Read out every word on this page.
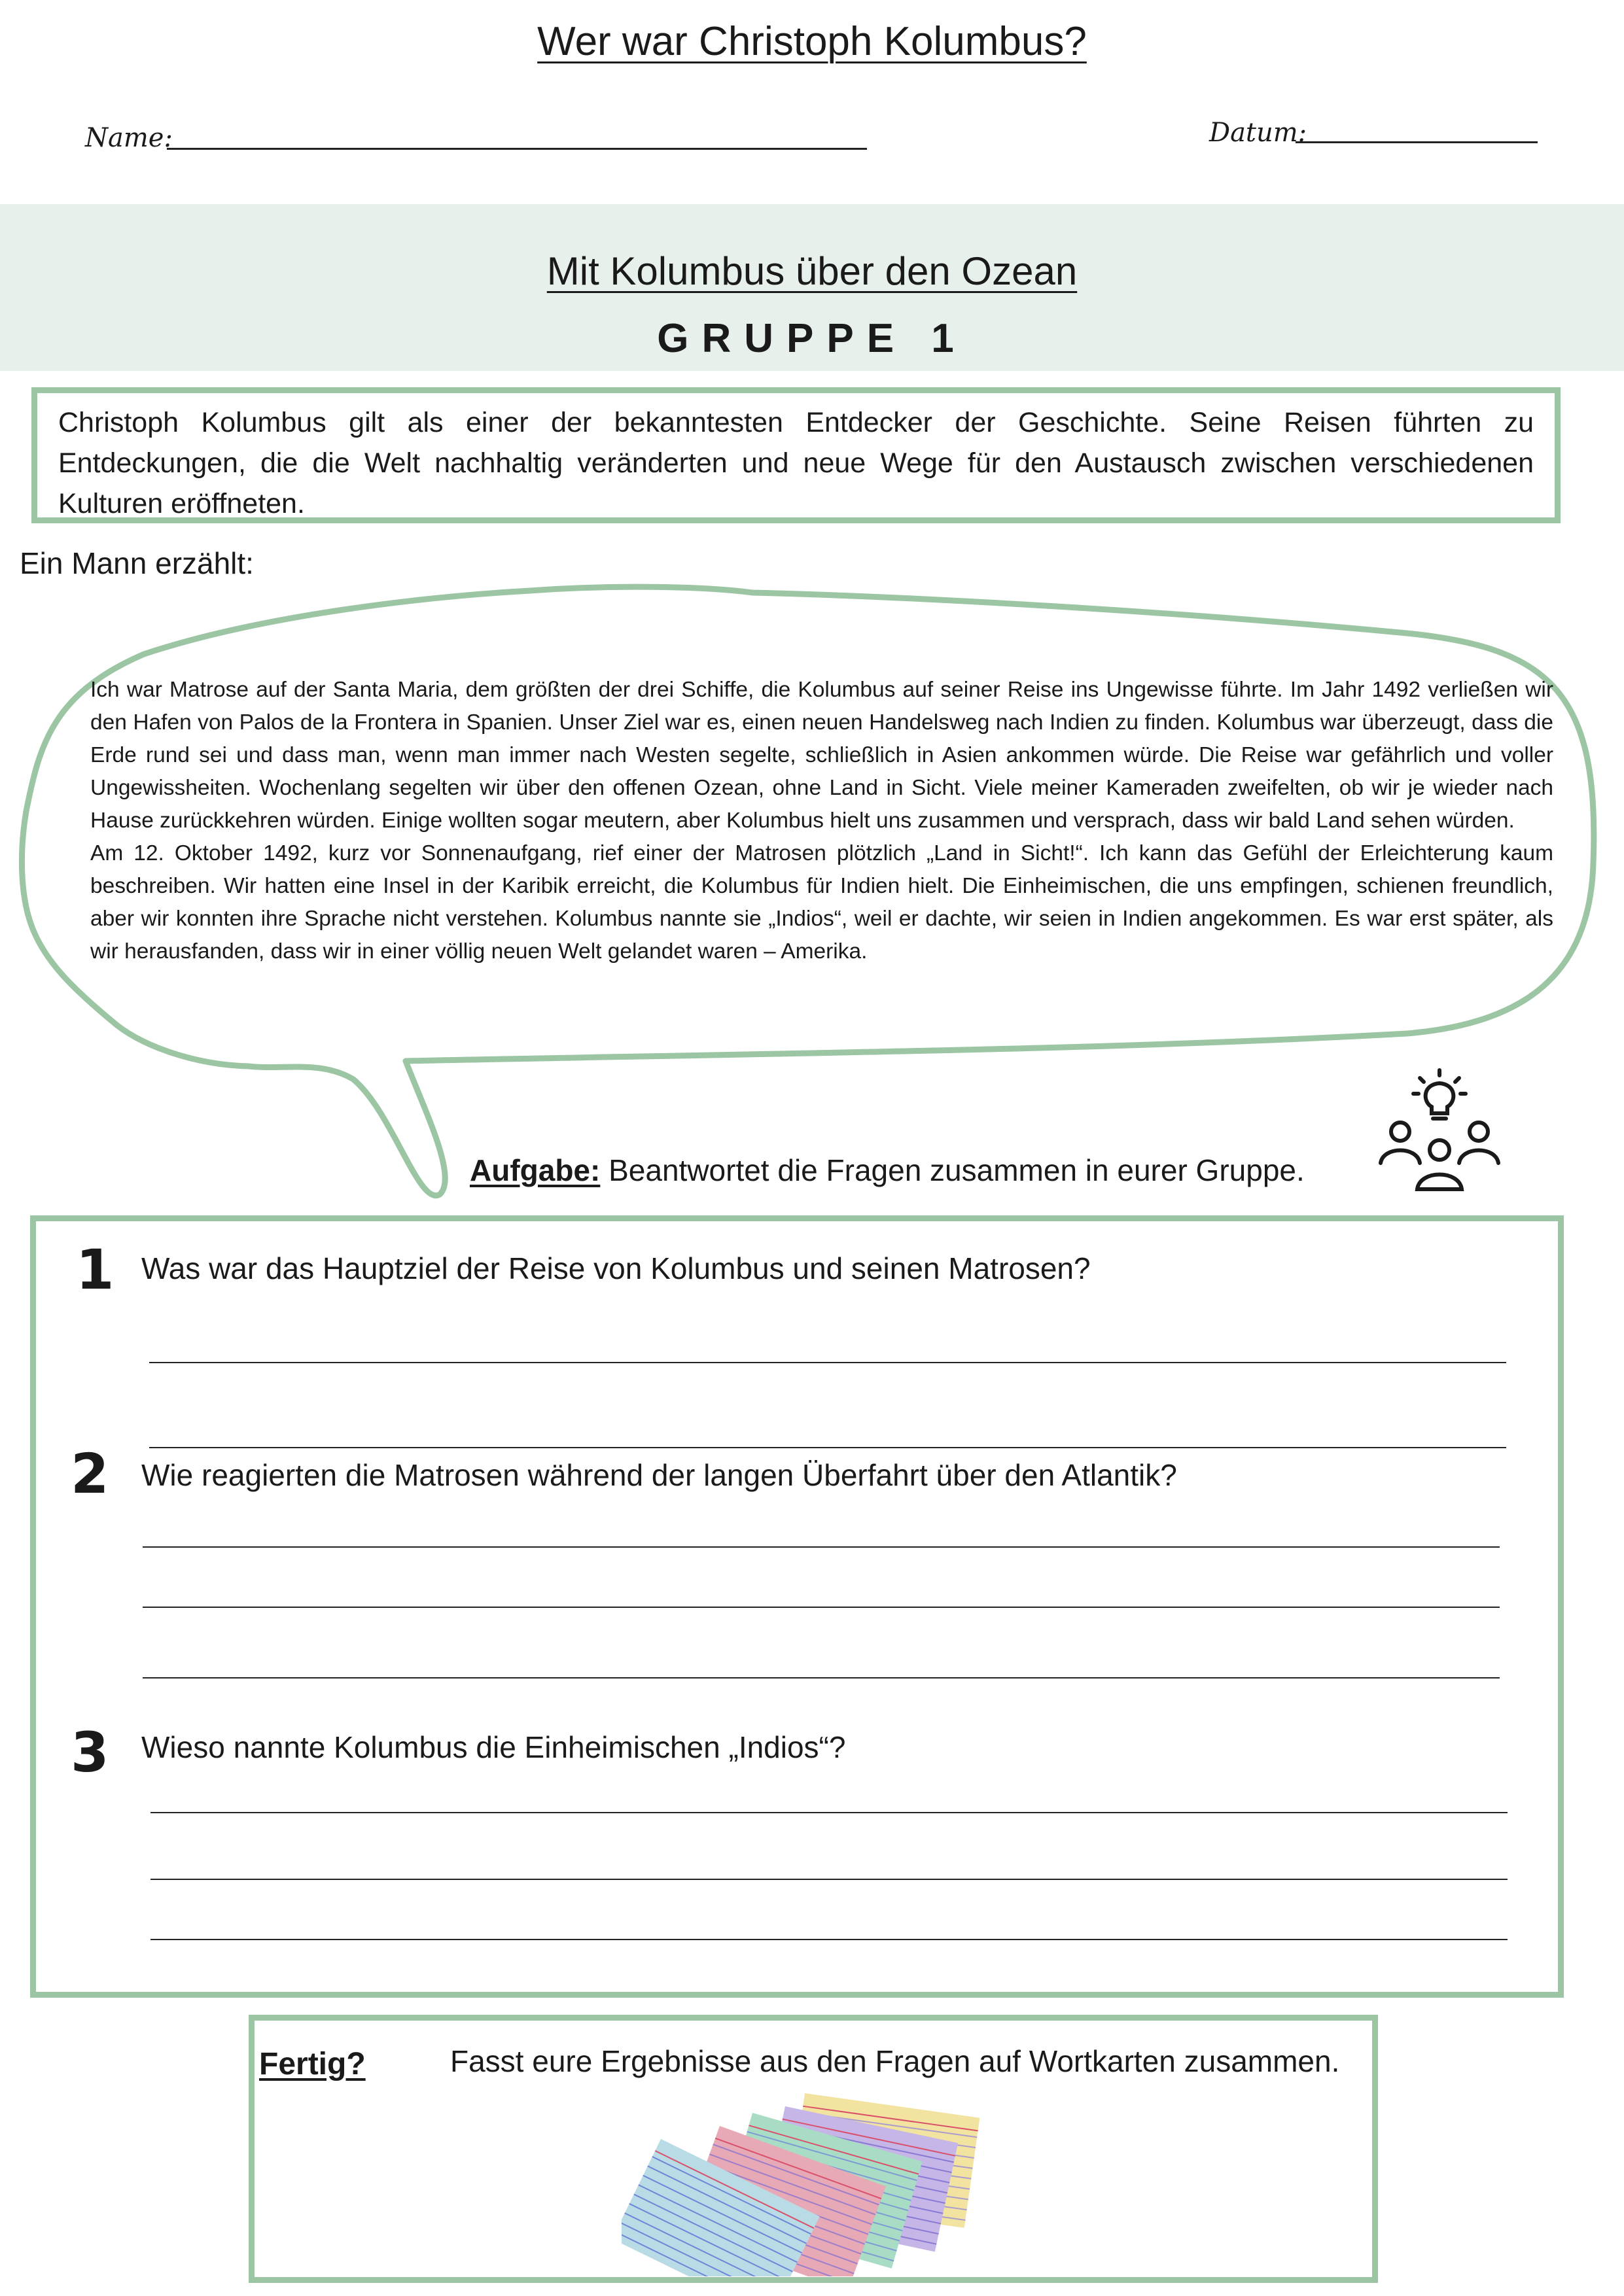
Wer war Christoph Kolumbus?
Name:	Datum:
Mit Kolumbus über den Ozean
GRUPPE 1

Christoph Kolumbus gilt als einer der bekanntesten Entdecker der Geschichte. Seine Reisen führten zu Entdeckungen, die die Welt nachhaltig veränderten und neue Wege für den Austausch zwischen verschiedenen Kulturen eröffneten.

Ein Mann erzählt:

Ich war Matrose auf der Santa Maria, dem größten der drei Schiffe, die Kolumbus auf seiner Reise ins Ungewisse führte. Im Jahr 1492 verließen wir den Hafen von Palos de la Frontera in Spanien. Unser Ziel war es, einen neuen Handelsweg nach Indien zu finden. Kolumbus war überzeugt, dass die Erde rund sei und dass man, wenn man immer nach Westen segelte, schließlich in Asien ankommen würde. Die Reise war gefährlich und voller Ungewissheiten. Wochenlang segelten wir über den offenen Ozean, ohne Land in Sicht. Viele meiner Kameraden zweifelten, ob wir je wieder nach Hause zurückkehren würden. Einige wollten sogar meutern, aber Kolumbus hielt uns zusammen und versprach, dass wir bald Land sehen würden.

Am 12. Oktober 1492, kurz vor Sonnenaufgang, rief einer der Matrosen plötzlich „Land in Sicht!“. Ich kann das Gefühl der Erleichterung kaum beschreiben. Wir hatten eine Insel in der Karibik erreicht, die Kolumbus für Indien hielt. Die Einheimischen, die uns empfingen, schienen freundlich, aber wir konnten ihre Sprache nicht verstehen. Kolumbus nannte sie „Indios“, weil er dachte, wir seien in Indien angekommen. Es war erst später, als wir herausfanden, dass wir in einer völlig neuen Welt gelandet waren – Amerika.

Aufgabe: Beantwortet die Fragen zusammen in eurer Gruppe.
1 Was war das Hauptziel der Reise von Kolumbus und seinen Matrosen?
2 Wie reagierten die Matrosen während der langen Überfahrt über den Atlantik?
3 Wieso nannte Kolumbus die Einheimischen „Indios“?
Fertig?	Fasst eure Ergebnisse aus den Fragen auf Wortkarten zusammen.
